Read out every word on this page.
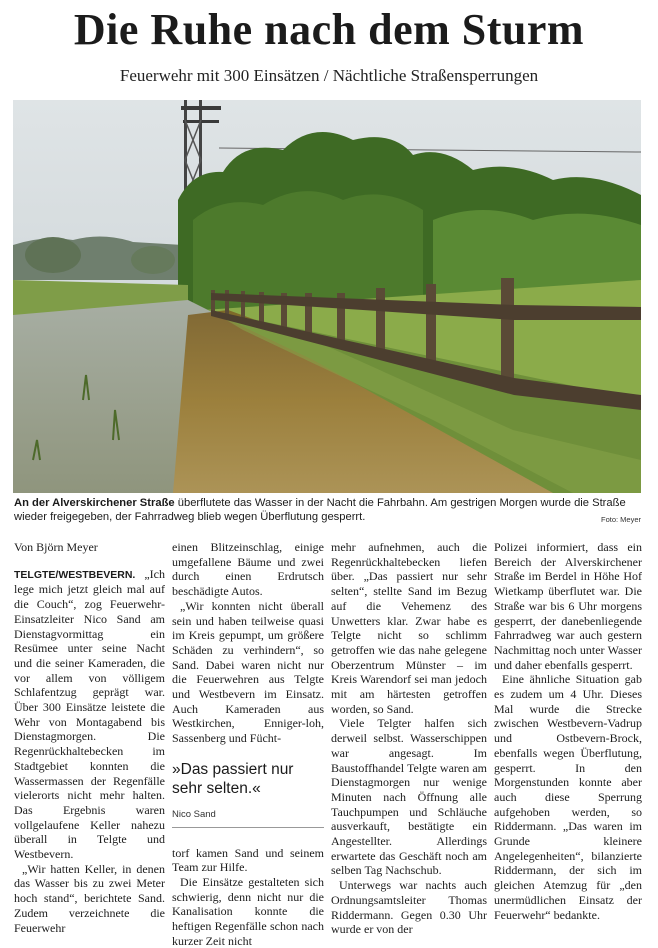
Die Ruhe nach dem Sturm
Feuerwehr mit 300 Einsätzen / Nächtliche Straßensperrungen
An der Alverskirchener Straße überflutete das Wasser in der Nacht die Fahrbahn. Am gestrigen Morgen wurde die Straße wieder freigegeben, der Fahrradweg blieb wegen Überflutung gesperrt.	Foto: Meyer
Von Björn Meyer

TELGTE/WESTBEVERN. „Ich lege mich jetzt gleich mal auf die Couch“, zog Feuerwehr-Einsatzleiter Nico Sand am Dienstagvormittag ein Resümee unter seine Nacht und die seiner Kameraden, die vor allem von völligem Schlafentzug geprägt war. Über 300 Einsätze leistete die Wehr von Montagabend bis Dienstagmorgen. Die Regenrückhaltebecken im Stadtgebiet konnten die Wassermassen der Regenfälle vielerorts nicht mehr halten. Das Ergebnis waren vollgelaufene Keller nahezu überall in Telgte und Westbevern.

„Wir hatten Keller, in denen das Wasser bis zu zwei Meter hoch stand“, berichtete Sand. Zudem verzeichnete die Feuerwehr

einen Blitzeinschlag, einige umgefallene Bäume und zwei durch einen Erdrutsch beschädigte Autos.

„Wir konnten nicht überall sein und haben teilweise quasi im Kreis gepumpt, um größere Schäden zu verhindern“, so Sand. Dabei waren nicht nur die Feuerwehren aus Telgte und Westbevern im Einsatz. Auch Kameraden aus Westkirchen, Enniger-loh, Sassenberg und Fücht-

»Das passiert nur sehr selten.«
Nico Sand

torf kamen Sand und seinem Team zur Hilfe.

Die Einsätze gestalteten sich schwierig, denn nicht nur die Kanalisation konnte die heftigen Regenfälle schon nach kurzer Zeit nicht

mehr aufnehmen, auch die Regenrückhaltebecken liefen über. „Das passiert nur sehr selten“, stellte Sand im Bezug auf die Vehemenz des Unwetters klar. Zwar habe es Telgte nicht so schlimm getroffen wie das nahe gelegene Oberzentrum Münster – im Kreis Warendorf sei man jedoch mit am härtesten getroffen worden, so Sand.

Viele Telgter halfen sich derweil selbst. Wasserschippen war angesagt. Im Baustoffhandel Telgte waren am Dienstagmorgen nur wenige Minuten nach Öffnung alle Tauchpumpen und Schläuche ausverkauft, bestätigte ein Angestellter. Allerdings erwartete das Geschäft noch am selben Tag Nachschub.

Unterwegs war nachts auch Ordnungsamtsleiter Thomas Riddermann. Gegen 0.30 Uhr wurde er von der

Polizei informiert, dass ein Bereich der Alverskirchener Straße im Berdel in Höhe Hof Wietkamp überflutet war. Die Straße war bis 6 Uhr morgens gesperrt, der danebenliegende Fahrradweg war auch gestern Nachmittag noch unter Wasser und daher ebenfalls gesperrt.

Eine ähnliche Situation gab es zudem um 4 Uhr. Dieses Mal wurde die Strecke zwischen Westbevern-Vadrup und Ostbevern-Brock, ebenfalls wegen Überflutung, gesperrt. In den Morgenstunden konnte aber auch diese Sperrung aufgehoben werden, so Riddermann. „Das waren im Grunde kleinere Angelegenheiten“, bilanzierte Riddermann, der sich im gleichen Atemzug für „den unermüdlichen Einsatz der Feuerwehr“ bedankte.
